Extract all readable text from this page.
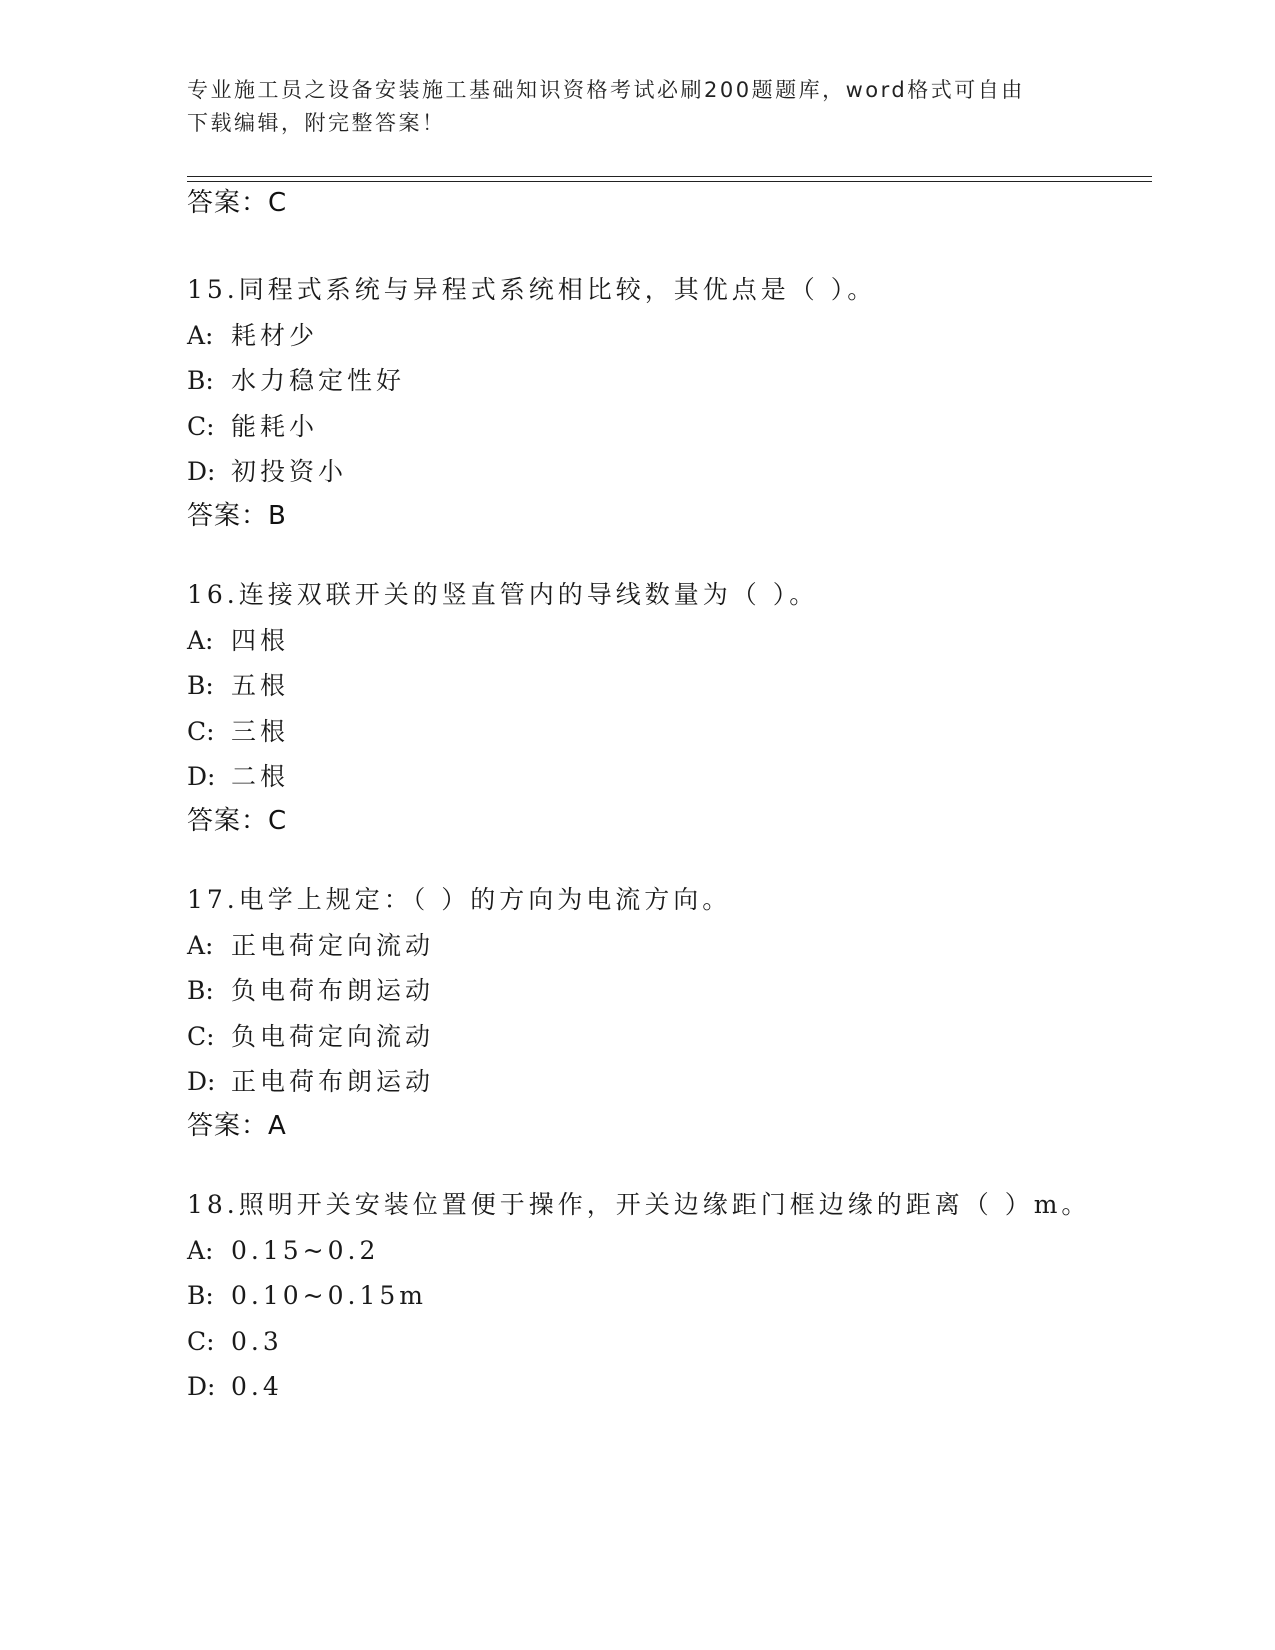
专业施工员之设备安装施工基础知识资格考试必刷200题题库，word格式可自由
下载编辑，附完整答案！
答案：C
15.同程式系统与异程式系统相比较，其优点是（ ）。
A: 耗材少
B: 水力稳定性好
C: 能耗小
D: 初投资小
答案：B
16.连接双联开关的竖直管内的导线数量为（ ）。
A: 四根
B: 五根
C: 三根
D: 二根
答案：C
17.电学上规定：（ ）的方向为电流方向。
A: 正电荷定向流动
B: 负电荷布朗运动
C: 负电荷定向流动
D: 正电荷布朗运动
答案：A
18.照明开关安装位置便于操作，开关边缘距门框边缘的距离（ ）m。
A: 0.15~0.2
B: 0.10~0.15m
C: 0.3
D: 0.4
